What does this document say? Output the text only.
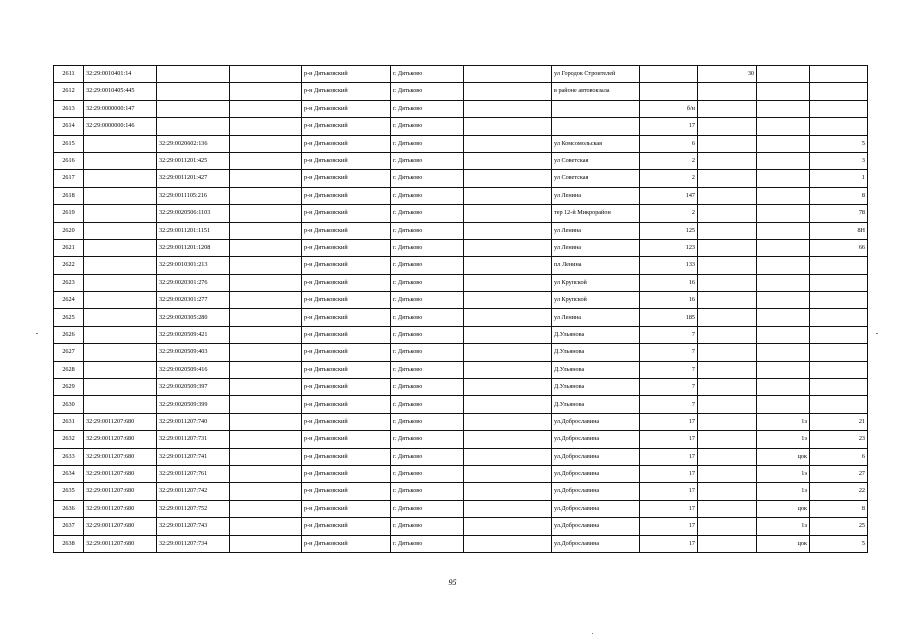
2611	32:29:0010401:14			р-н Дятьковский	г. Дятьково		ул Городок Строителей		30		
2612	32:29:0010405:445			р-н Дятьковский	г. Дятьково		в районе автовокзала				
2613	32:29:0000000:147			р-н Дятьковский	г. Дятьково			б/н			
2614	32:29:0000000:146			р-н Дятьковский	г. Дятьково			17			
2615		32:29:0020602:136		р-н Дятьковский	г. Дятьково		ул Комсомольская	6			5
2616		32:29:0011201:425		р-н Дятьковский	г. Дятьково		ул Советская	2			3
2617		32:29:0011201:427		р-н Дятьковский	г. Дятьково		ул Советская	2			1
2618		32:29:0011105:216		р-н Дятьковский	г. Дятьково		ул Ленина	147			8
2619		32:29:0020506:1103		р-н Дятьковский	г. Дятьково		тер 12-й Микрорайон	2			78
2620		32:29:0011201:1151		р-н Дятьковский	г. Дятьково		ул Ленина	125			8Н
2621		32:29:0011201:1208		р-н Дятьковский	г. Дятьково		ул Ленина	123			66
2622		32:29:0010301:213		р-н Дятьковский	г. Дятьково		пл Ленина	133			
2623		32:29:0020301:276		р-н Дятьковский	г. Дятьково		ул Крупской	16			
2624		32:29:0020301:277		р-н Дятьковский	г. Дятьково		ул Крупской	16			
2625		32:29:0020305:280		р-н Дятьковский	г. Дятьково		ул Ленина	185			
2626		32:29:0020509:421		р-н Дятьковский	г. Дятьково		Д.Ульянова	7			
2627		32:29:0020509:403		р-н Дятьковский	г. Дятьково		Д.Ульянова	7			
2628		32:29:0020509:416		р-н Дятьковский	г. Дятьково		Д.Ульянова	7			
2629		32:29:0020509:397		р-н Дятьковский	г. Дятьково		Д.Ульянова	7			
2630		32:29:0020509:399		р-н Дятьковский	г. Дятьково		Д.Ульянова	7			
2631	32:29:0011207:680	32:29:0011207:740		р-н Дятьковский	г. Дятьково		ул.Доброславина	17		1э	21
2632	32:29:0011207:680	32:29:0011207:731		р-н Дятьковский	г. Дятьково		ул.Доброславина	17		1э	23
2633	32:29:0011207:680	32:29:0011207:741		р-н Дятьковский	г. Дятьково		ул.Доброславина	17		цок	6
2634	32:29:0011207:680	32:29:0011207:761		р-н Дятьковский	г. Дятьково		ул.Доброславина	17		1э	27
2635	32:29:0011207:680	32:29:0011207:742		р-н Дятьковский	г. Дятьково		ул.Доброславина	17		1э	22
2636	32:29:0011207:680	32:29:0011207:752		р-н Дятьковский	г. Дятьково		ул.Доброславина	17		цок	8
2637	32:29:0011207:680	32:29:0011207:743		р-н Дятьковский	г. Дятьково		ул.Доброславина	17		1э	25
2638	32:29:0011207:680	32:29:0011207:734		р-н Дятьковский	г. Дятьково		ул.Доброславина	17		цок	5
95
